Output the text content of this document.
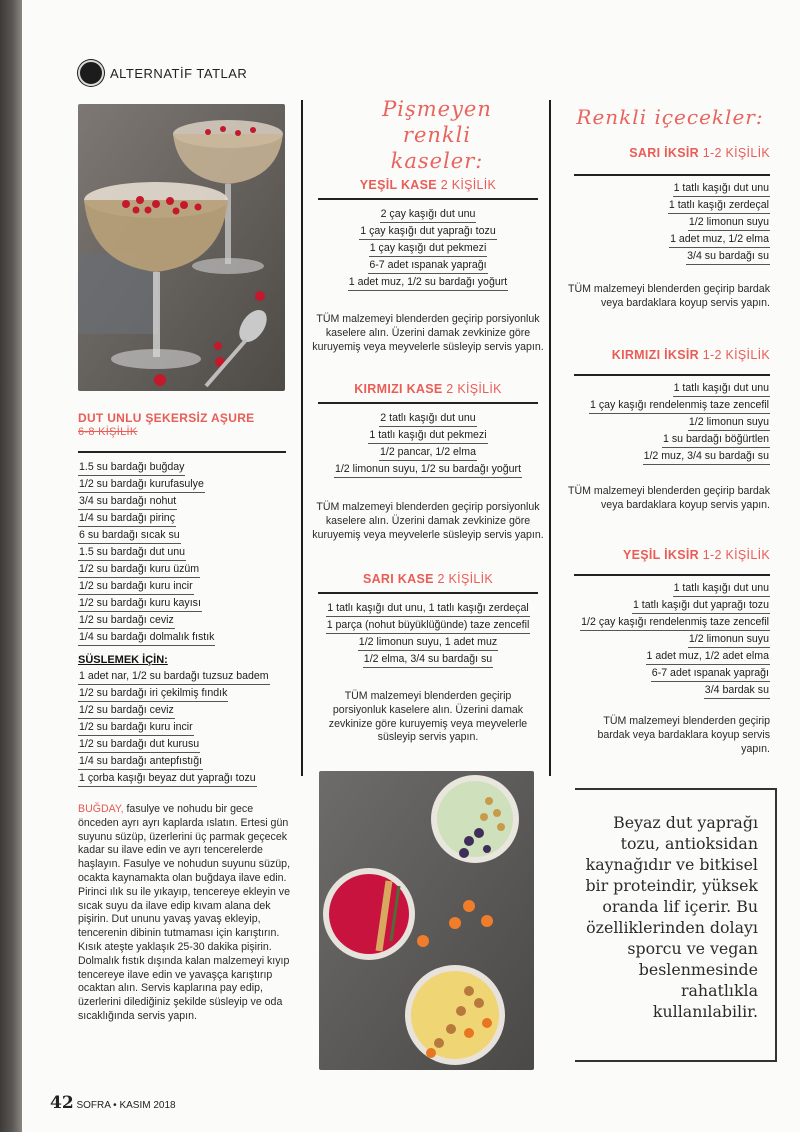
ALTERNATİF TATLAR
DUT UNLU ŞEKERSİZ AŞURE
6-8 KİŞİLİK
1.5 su bardağı buğday
1/2 su bardağı kurufasulye
3/4 su bardağı nohut
1/4 su bardağı pirinç
6 su bardağı sıcak su
1.5 su bardağı dut unu
1/2 su bardağı kuru üzüm
1/2 su bardağı kuru incir
1/2 su bardağı kuru kayısı
1/2 su bardağı ceviz
1/4 su bardağı dolmalık fıstık
SÜSLEMEK İÇİN:
1 adet nar, 1/2 su bardağı tuzsuz badem
1/2 su bardağı iri çekilmiş fındık
1/2 su bardağı ceviz
1/2 su bardağı kuru incir
1/2 su bardağı dut kurusu
1/4 su bardağı antepfıstığı
1 çorba kaşığı beyaz dut yaprağı tozu
BUĞDAY, fasulye ve nohudu bir gece önceden ayrı ayrı kaplarda ıslatın. Ertesi gün suyunu süzüp, üzerlerini üç parmak geçecek kadar su ilave edin ve ayrı tencerelerde haşlayın. Fasulye ve nohudun suyunu süzüp, ocakta kaynamakta olan buğdaya ilave edin. Pirinci ılık su ile yıkayıp, tencereye ekleyin ve sıcak suyu da ilave edip kıvam alana dek pişirin. Dut ununu yavaş yavaş ekleyip, tencerenin dibinin tutmaması için karıştırın. Kısık ateşte yaklaşık 25-30 dakika pişirin. Dolmalık fıstık dışında kalan malzemeyi kıyıp tencereye ilave edin ve yavaşça karıştırıp ocaktan alın. Servis kaplarına pay edip, üzerlerini dilediğiniz şekilde süsleyip ve oda sıcaklığında servis yapın.
Pişmeyen renkli kaseler:
YEŞİL KASE 2 KİŞİLİK
2 çay kaşığı dut unu
1 çay kaşığı dut yaprağı tozu
1 çay kaşığı dut pekmezi
6-7 adet ıspanak yaprağı
1 adet muz, 1/2 su bardağı yoğurt
TÜM malzemeyi blenderden geçirip porsiyonluk kaselere alın. Üzerini damak zevkinize göre kuruyemiş veya meyvelerle süsleyip servis yapın.
KIRMIZI KASE 2 KİŞİLİK
2 tatlı kaşığı dut unu
1 tatlı kaşığı dut pekmezi
1/2 pancar, 1/2 elma
1/2 limonun suyu, 1/2 su bardağı yoğurt
TÜM malzemeyi blenderden geçirip porsiyonluk kaselere alın. Üzerini damak zevkinize göre kuruyemiş veya meyvelerle süsleyip servis yapın.
SARI KASE 2 KİŞİLİK
1 tatlı kaşığı dut unu, 1 tatlı kaşığı zerdeçal
1 parça (nohut büyüklüğünde) taze zencefil
1/2 limonun suyu, 1 adet muz
1/2 elma, 3/4 su bardağı su
TÜM malzemeyi blenderden geçirip porsiyonluk kaselere alın. Üzerini damak zevkinize göre kuruyemiş veya meyvelerle süsleyip servis yapın.
Renkli içecekler:
SARI İKSİR 1-2 KİŞİLİK
1 tatlı kaşığı dut unu
1 tatlı kaşığı zerdeçal
1/2 limonun suyu
1 adet muz, 1/2 elma
3/4 su bardağı su
TÜM malzemeyi blenderden geçirip bardak veya bardaklara koyup servis yapın.
KIRMIZI İKSİR 1-2 KİŞİLİK
1 tatlı kaşığı dut unu
1 çay kaşığı rendelenmiş taze zencefil
1/2 limonun suyu
1 su bardağı böğürtlen
1/2 muz, 3/4 su bardağı su
TÜM malzemeyi blenderden geçirip bardak veya bardaklara koyup servis yapın.
YEŞİL İKSİR 1-2 KİŞİLİK
1 tatlı kaşığı dut unu
1 tatlı kaşığı dut yaprağı tozu
1/2 çay kaşığı rendelenmiş taze zencefil
1/2 limonun suyu
1 adet muz, 1/2 adet elma
6-7 adet ıspanak yaprağı
3/4 bardak su
TÜM malzemeyi blenderden geçirip bardak veya bardaklara koyup servis yapın.
Beyaz dut yaprağı tozu, antioksidan kaynağıdır ve bitkisel bir proteindir, yüksek oranda lif içerir. Bu özelliklerinden dolayı sporcu ve vegan beslenmesinde rahatlıkla kullanılabilir.
42 SOFRA • KASIM 2018
